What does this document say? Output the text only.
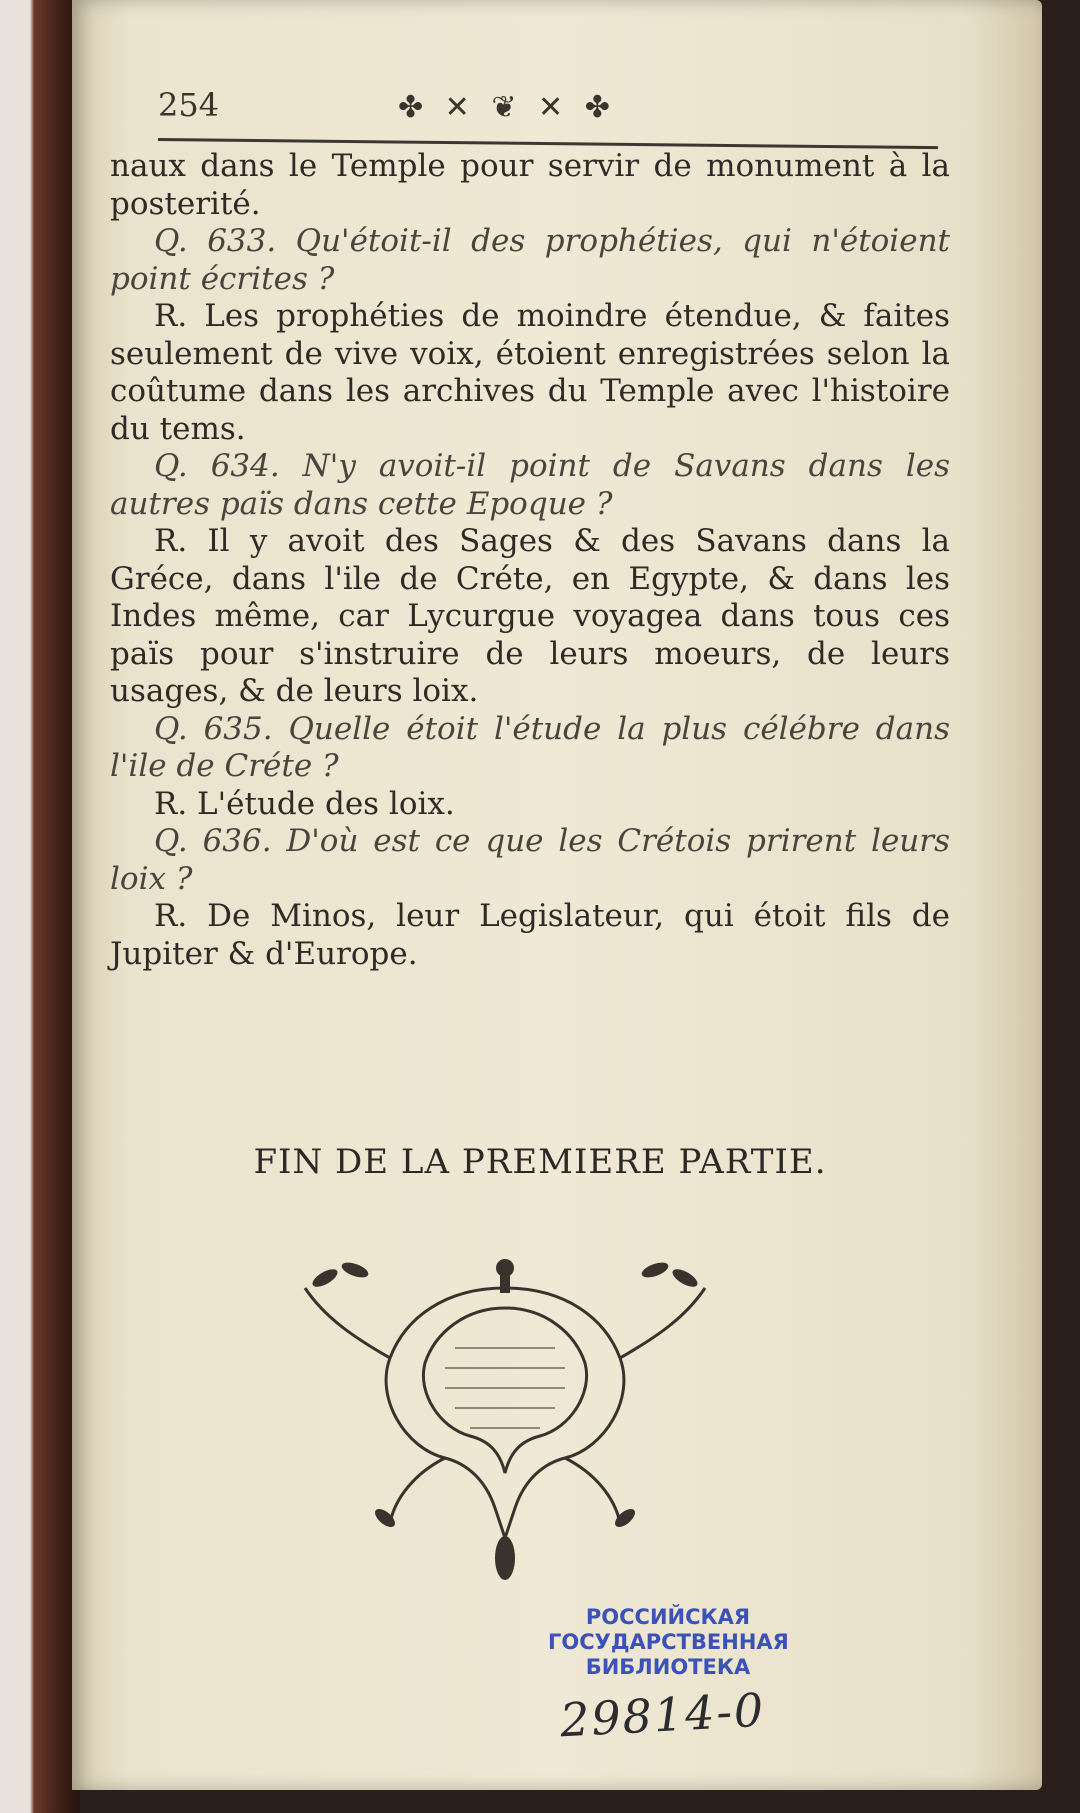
254	✤ ✕ ❦ ✕ ✤

naux dans le Temple pour servir de monument à la posterité.

Q. 633. Qu'étoit-il des prophéties, qui n'étoient point écrites ?

R. Les prophéties de moindre étendue, & faites seulement de vive voix, étoient enregistrées selon la coûtume dans les archives du Temple avec l'histoire du tems.

Q. 634. N'y avoit-il point de Savans dans les autres païs dans cette Epoque ?

R. Il y avoit des Sages & des Savans dans la Gréce, dans l'ile de Créte, en Egypte, & dans les Indes même, car Lycurgue voyagea dans tous ces païs pour s'instruire de leurs moeurs, de leurs usages, & de leurs loix.

Q. 635. Quelle étoit l'étude la plus célébre dans l'ile de Créte ?

R. L'étude des loix.

Q. 636. D'où est ce que les Crétois prirent leurs loix ?

R. De Minos, leur Legislateur, qui étoit fils de Jupiter & d'Europe.

FIN DE LA PREMIERE PARTIE.
РОССИЙСКАЯ
ГОСУДАРСТВЕННАЯ
БИБЛИОТЕКА
29814-0
